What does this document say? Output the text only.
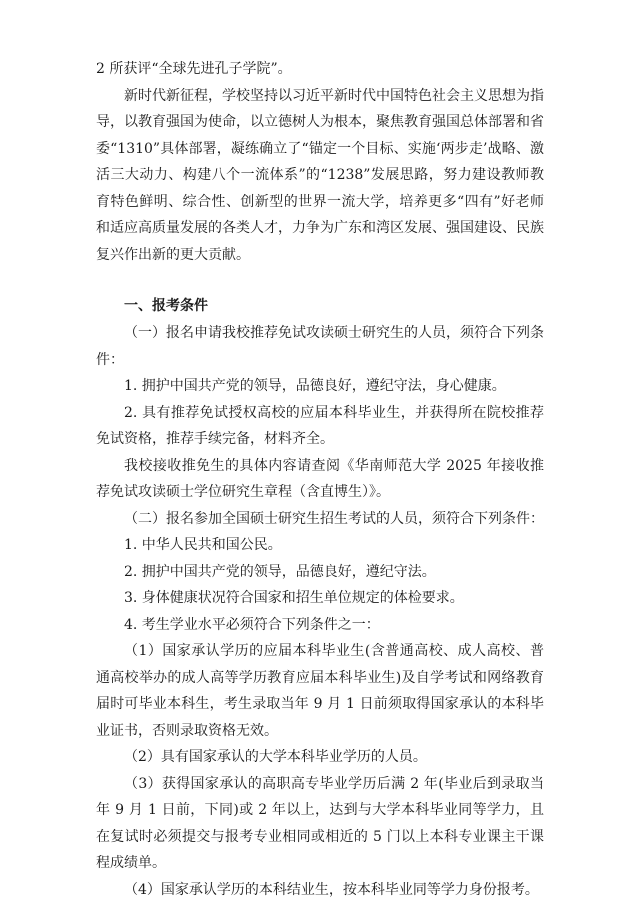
2 所获评“全球先进孔子学院”。

新时代新征程，学校坚持以习近平新时代中国特色社会主义思想为指导，以教育强国为使命，以立德树人为根本，聚焦教育强国总体部署和省委“1310”具体部署，凝练确立了“锚定一个目标、实施‘两步走’战略、激活三大动力、构建八个一流体系”的“1238”发展思路，努力建设教师教育特色鲜明、综合性、创新型的世界一流大学，培养更多“四有”好老师和适应高质量发展的各类人才，力争为广东和湾区发展、强国建设、民族复兴作出新的更大贡献。

一、报考条件

（一）报名申请我校推荐免试攻读硕士研究生的人员，须符合下列条件：

1. 拥护中国共产党的领导，品德良好，遵纪守法，身心健康。

2. 具有推荐免试授权高校的应届本科毕业生，并获得所在院校推荐免试资格，推荐手续完备，材料齐全。

我校接收推免生的具体内容请查阅《华南师范大学 2025 年接收推荐免试攻读硕士学位研究生章程（含直博生）》。

（二）报名参加全国硕士研究生招生考试的人员，须符合下列条件：

1. 中华人民共和国公民。

2. 拥护中国共产党的领导，品德良好，遵纪守法。

3. 身体健康状况符合国家和招生单位规定的体检要求。

4. 考生学业水平必须符合下列条件之一：

（1）国家承认学历的应届本科毕业生(含普通高校、成人高校、普通高校举办的成人高等学历教育应届本科毕业生)及自学考试和网络教育届时可毕业本科生，考生录取当年 9 月 1 日前须取得国家承认的本科毕业证书，否则录取资格无效。

（2）具有国家承认的大学本科毕业学历的人员。

（3）获得国家承认的高职高专毕业学历后满 2 年(毕业后到录取当年 9 月 1 日前，下同)或 2 年以上，达到与大学本科毕业同等学力，且在复试时必须提交与报考专业相同或相近的 5 门以上本科专业课主干课程成绩单。

（4）国家承认学历的本科结业生，按本科毕业同等学力身份报考。
